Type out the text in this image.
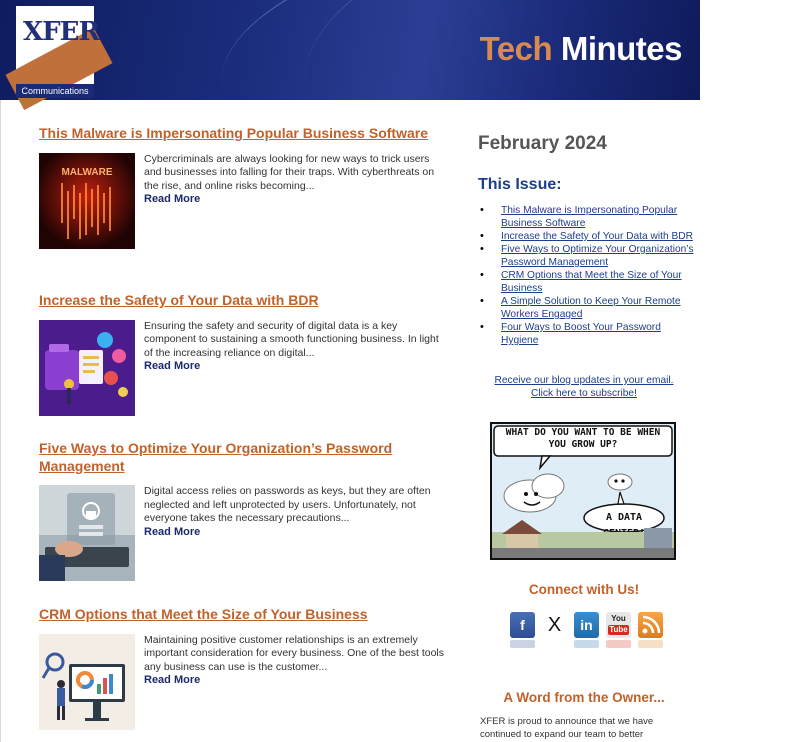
XFER
Communications
Tech Minutes
This Malware is Impersonating Popular Business Software
MALWARE
Cybercriminals are always looking for new ways to trick users and businesses into falling for their traps. With cyberthreats on the rise, and online risks becoming...
Read More
Increase the Safety of Your Data with BDR
Ensuring the safety and security of digital data is a key component to sustaining a smooth functioning business. In light of the increasing reliance on digital...
Read More
Five Ways to Optimize Your Organization’s Password Management
Digital access relies on passwords as keys, but they are often neglected and left unprotected by users. Unfortunately, not everyone takes the necessary precautions...
Read More
CRM Options that Meet the Size of Your Business
Maintaining positive customer relationships is an extremely important consideration for every business. One of the best tools any business can use is the customer...
Read More
February 2024
This Issue:
• This Malware is Impersonating Popular Business Software
• Increase the Safety of Your Data with BDR
• Five Ways to Optimize Your Organization’s Password Management
• CRM Options that Meet the Size of Your Business
• A Simple Solution to Keep Your Remote Workers Engaged
• Four Ways to Boost Your Password Hygiene
Receive our blog updates in your email.
Click here to subscribe!
WHAT DO YOU WANT TO BE WHEN YOU GROW UP?
A DATA
Connect with Us!
f	X	in	You
Tube
A Word from the Owner...
XFER is proud to announce that we have continued to expand our team to better
